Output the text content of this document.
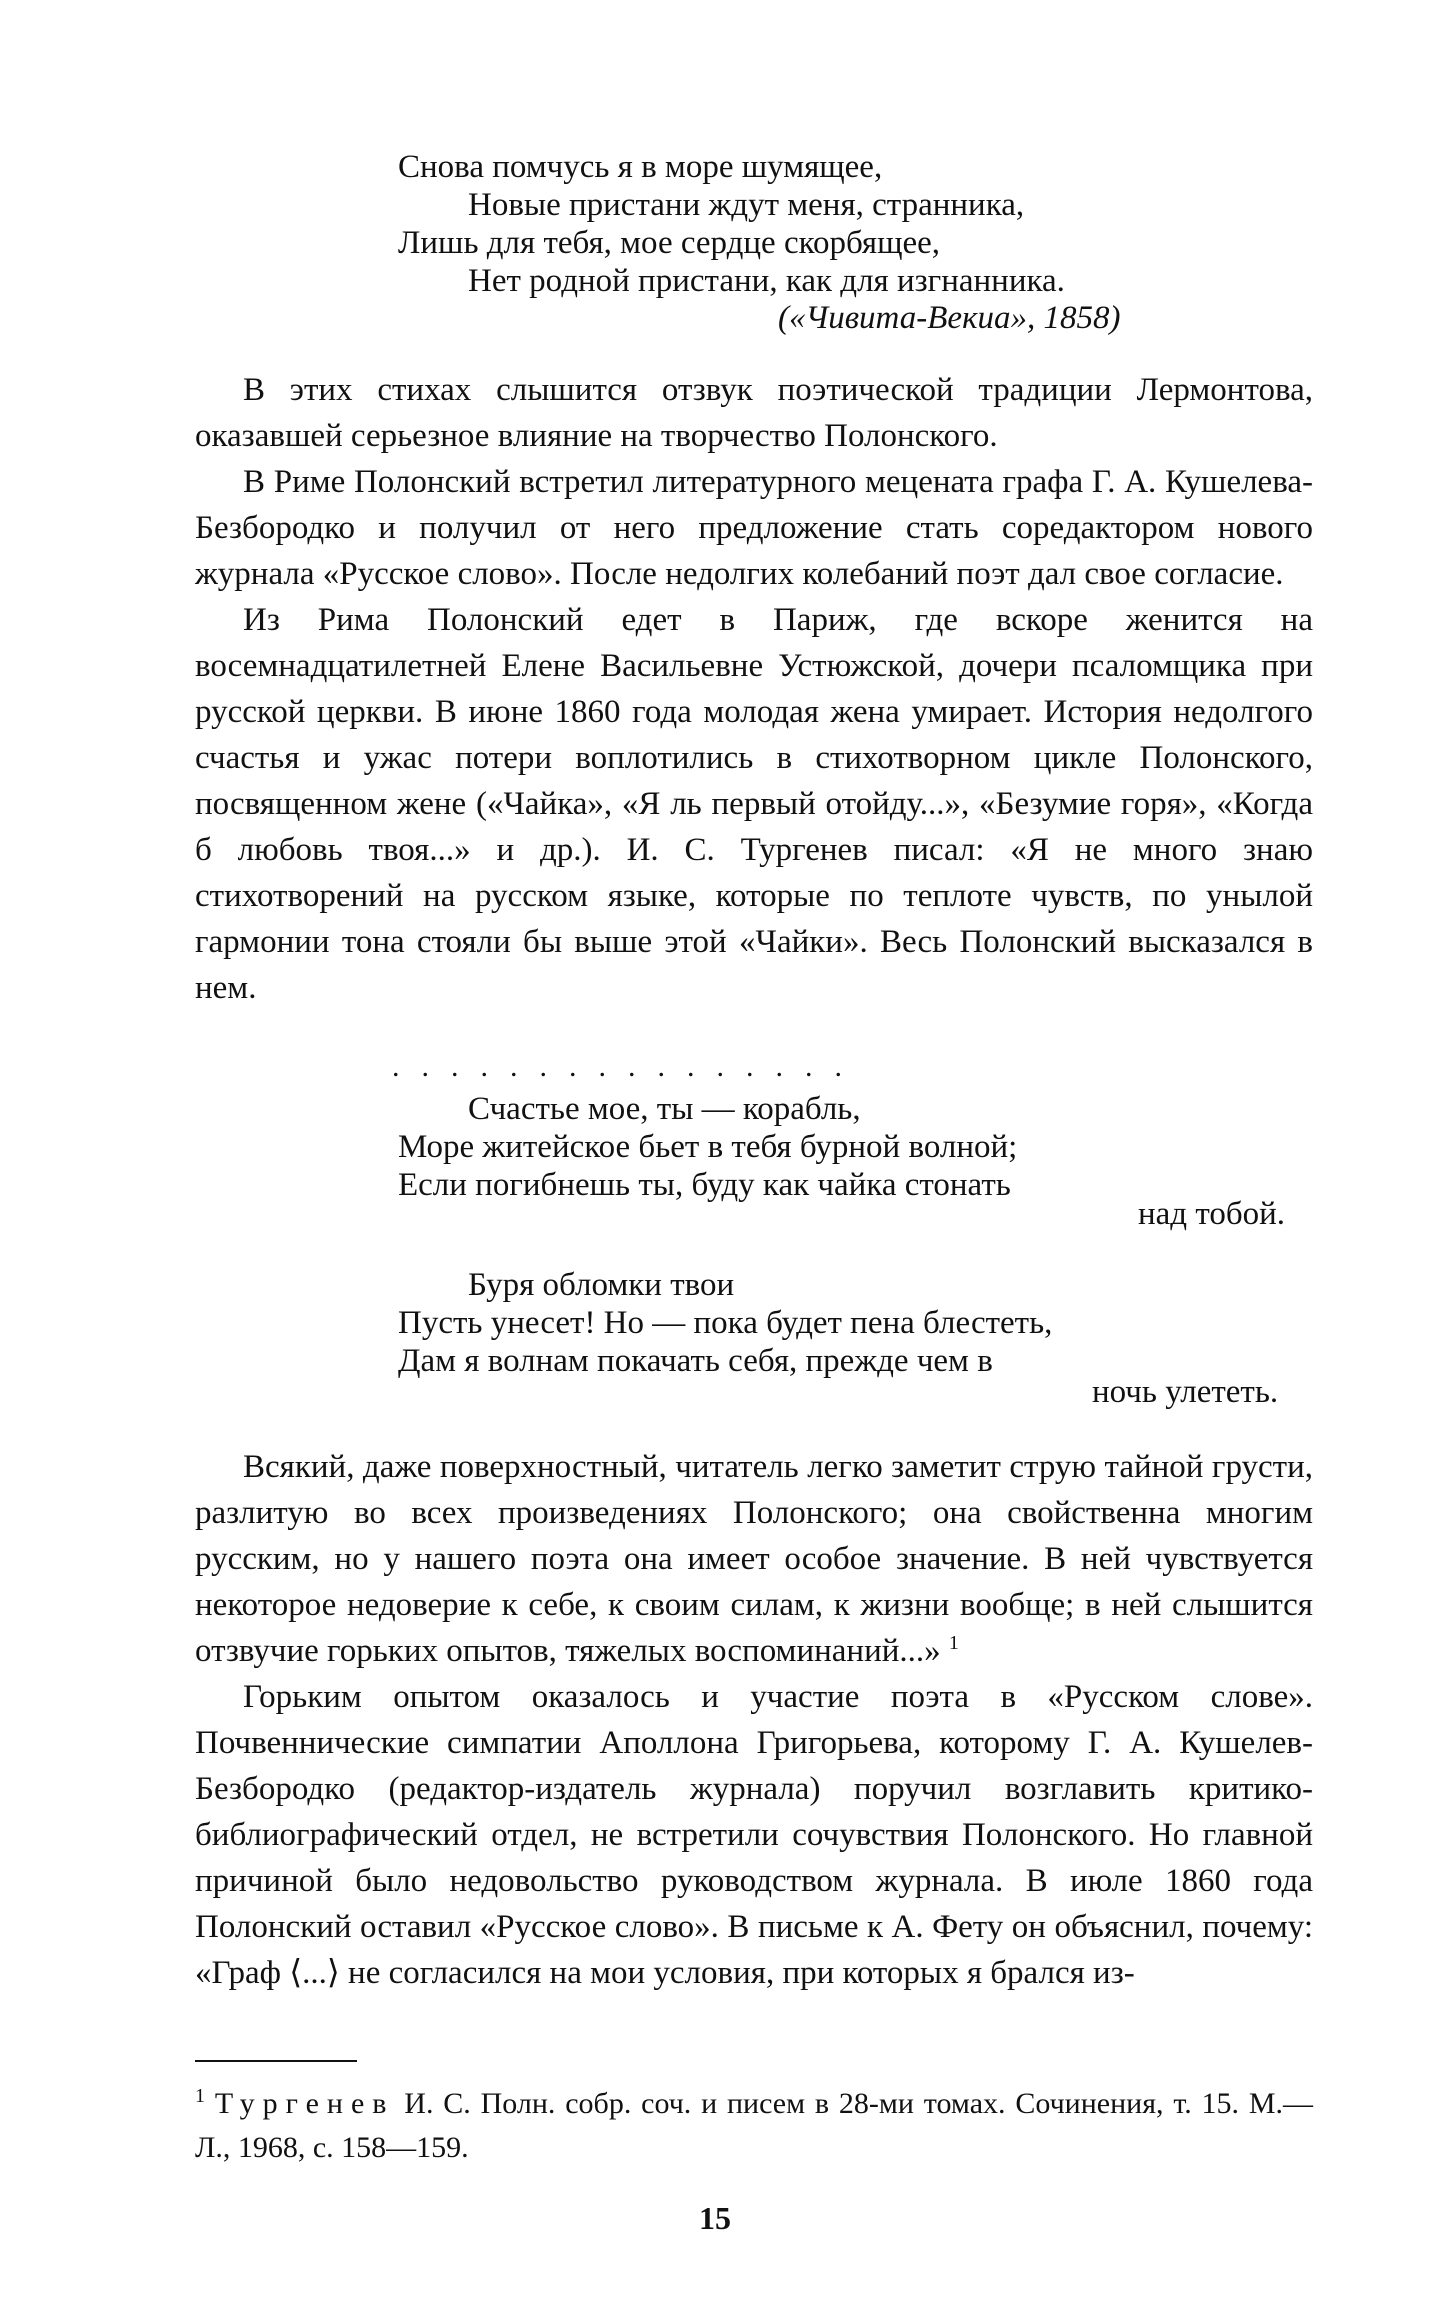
Снова помчусь я в море шумящее,
Новые пристани ждут меня, странника,
Лишь для тебя, мое сердце скорбящее,
Нет родной пристани, как для изгнанника.
(«Чивита-Векиа», 1858)

В этих стихах слышится отзвук поэтической традиции Лермонтова, оказавшей серьезное влияние на творчество Полонского.

В Риме Полонский встретил литературного мецената графа Г. А. Кушелева-Безбородко и получил от него предложение стать соредактором нового журнала «Русское слово». После недолгих колебаний поэт дал свое согласие.

Из Рима Полонский едет в Париж, где вскоре женится на восемнадцатилетней Елене Васильевне Устюжской, дочери псаломщика при русской церкви. В июне 1860 года молодая жена умирает. История недолгого счастья и ужас потери воплотились в стихотворном цикле Полонского, посвященном жене («Чайка», «Я ль первый отойду...», «Безумие горя», «Когда б любовь твоя...» и др.). И. С. Тургенев писал: «Я не много знаю стихотворений на русском языке, которые по теплоте чувств, по унылой гармонии тона стояли бы выше этой «Чайки». Весь Полонский высказался в нем.

................
Счастье мое, ты — корабль,
Море житейское бьет в тебя бурной волной;
Если погибнешь ты, буду как чайка стонать
над тобой.
Буря обломки твои
Пусть унесет! Но — пока будет пена блестеть,
Дам я волнам покачать себя, прежде чем в
ночь улететь.

Всякий, даже поверхностный, читатель легко заметит струю тайной грусти, разлитую во всех произведениях Полонского; она свойственна многим русским, но у нашего поэта она имеет особое значение. В ней чувствуется некоторое недоверие к себе, к своим силам, к жизни вообще; в ней слышится отзвучие горьких опытов, тяжелых воспоминаний...» $^1$

Горьким опытом оказалось и участие поэта в «Русском слове». Почвеннические симпатии Аполлона Григорьева, которому Г. А. Кушелев-Безбородко (редактор-издатель журнала) поручил возглавить критико-библиографический отдел, не встретили сочувствия Полонского. Но главной причиной было недовольство руководством журнала. В июле 1860 года Полонский оставил «Русское слово». В письме к А. Фету он объяснил, почему: «Граф ⟨...⟩ не согласился на мои условия, при которых я брался из-

$^1$ Тургенев И. С. Полн. собр. соч. и писем в 28-ми томах. Сочинения, т. 15. М.—Л., 1968, с. 158—159.

15
